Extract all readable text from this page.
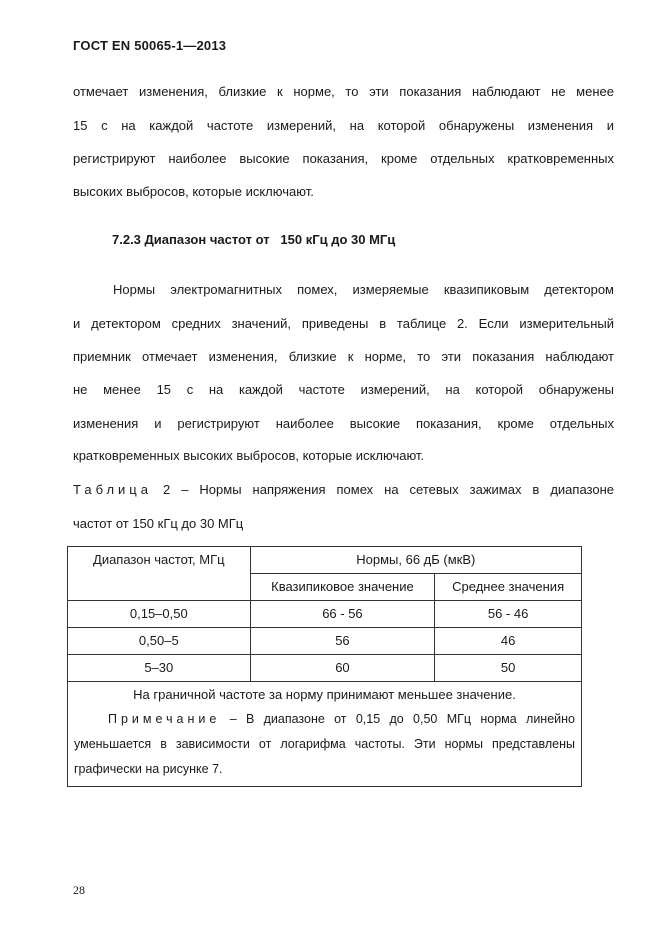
ГОСТ EN 50065-1—2013
отмечает изменения, близкие к норме, то эти показания наблюдают не менее
15 с на каждой частоте измерений, на которой обнаружены изменения и
регистрируют наиболее высокие показания, кроме отдельных кратковременных
высоких выбросов, которые исключают.
7.2.3 Диапазон частот от   150 кГц до 30 МГц
Нормы электромагнитных помех, измеряемые квазипиковым детектором
и детектором средних значений, приведены в таблице 2. Если измерительный
приемник отмечает изменения, близкие к норме, то эти показания наблюдают
не менее 15 с на каждой частоте измерений, на которой обнаружены
изменения и регистрируют наиболее высокие показания, кроме отдельных
кратковременных высоких выбросов, которые исключают.
Таблица 2 – Нормы напряжения помех на сетевых зажимах в диапазоне
частот от 150 кГц до 30 МГц
Диапазон частот, МГц	Нормы, 66 дБ (мкВ)	
	Квазипиковое значение	Среднее значения
0,15–0,50	66 - 56	56 - 46
0,50–5	56	46
5–30	60	50

На граничной частоте за норму принимают меньшее значение.
Примечание – В диапазоне от 0,15 до 0,50 МГц норма линейно
уменьшается в зависимости от логарифма частоты. Эти нормы представлены
графически на рисунке 7.		
28
